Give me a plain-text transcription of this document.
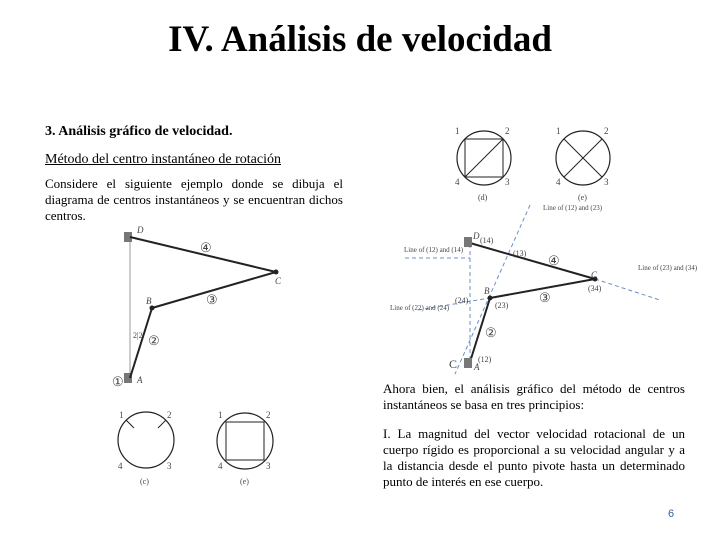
IV. Análisis de velocidad
3. Análisis gráfico de velocidad.
Método del centro instantáneo de rotación
Considere el siguiente ejemplo donde se dibuja el diagrama de centros instantáneos y se encuentran dichos centros.
Ahora bien, el análisis gráfico del método de centros instantáneos se basa en tres principios:
I. La magnitud del vector velocidad rotacional de un cuerpo rígido es proporcional a su velocidad angular y a la distancia desde el punto pivote hasta un determinado punto de interés en ese cuerpo.
6
1	2
4	3
(d)
1	2
4	3
(e)
D
B
C
A
④
③
②
①
2|2
D (14)
(13)
(24)
B
(23)
C
(34)
A
(12)
C
Line of (12) and (23)
Line of (12) and (14)
Line of (23) and (34)
Line of (22) and (24)
④
③
②
1	2
4	3
(c)
1	2
4	3
(e)
